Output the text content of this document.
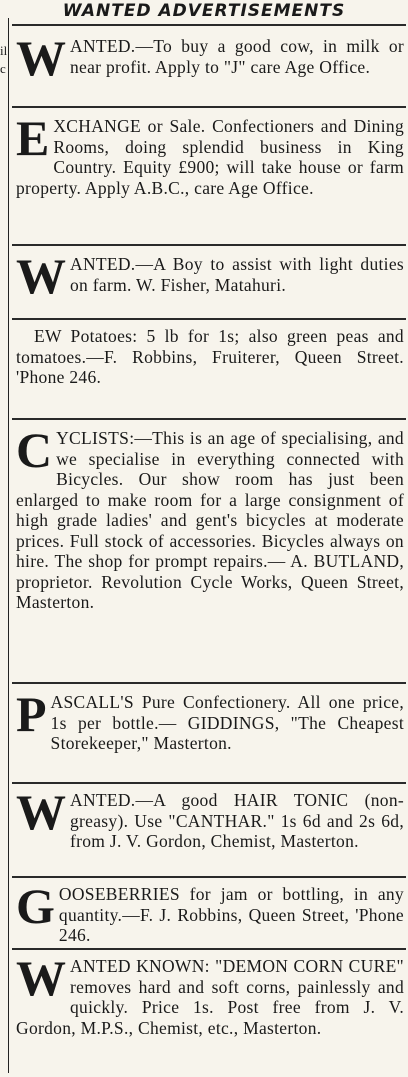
WANTED ADVERTISEMENTS
il
c WANTED.—To buy a good cow, in milk or near profit. Apply to "J" care Age Office.

EXCHANGE or Sale. Confectioners and Dining Rooms, doing splendid business in King Country. Equity £900; will take house or farm property. Apply A.B.C., care Age Office.

WANTED.—A Boy to assist with light duties on farm. W. Fisher, Matahuri.

EW Potatoes: 5 lb for 1s; also green peas and tomatoes.—F. Robbins, Fruiterer, Queen Street. 'Phone 246.

CYCLISTS:—This is an age of specialising, and we specialise in everything connected with Bicycles. Our show room has just been enlarged to make room for a large consignment of high grade ladies' and gent's bicycles at moderate prices. Full stock of accessories. Bicycles always on hire. The shop for prompt repairs.— A. BUTLAND, proprietor. Revolution Cycle Works, Queen Street, Masterton.

PASCALL'S Pure Confectionery. All one price, 1s per bottle.— GIDDINGS, "The Cheapest Storekeeper," Masterton.

WANTED.—A good HAIR TONIC (non-greasy). Use "CANTHAR." 1s 6d and 2s 6d, from J. V. Gordon, Chemist, Masterton.

GOOSEBERRIES for jam or bottling, in any quantity.—F. J. Robbins, Queen Street, 'Phone 246.

WANTED KNOWN: "DEMON CORN CURE" removes hard and soft corns, painlessly and quickly. Price 1s. Post free from J. V. Gordon, M.P.S., Chemist, etc., Masterton.
